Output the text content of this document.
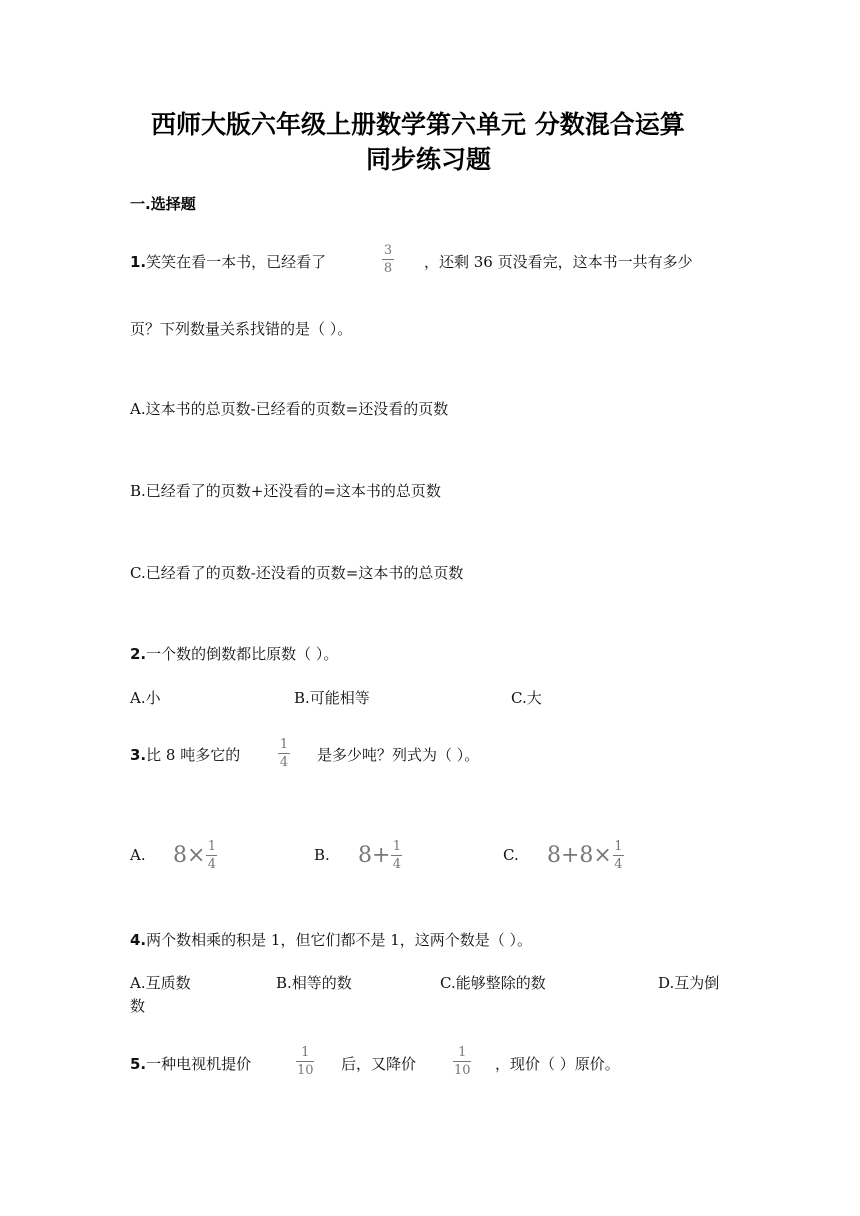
西师大版六年级上册数学第六单元 分数混合运算
同步练习题
一.选择题
1.笑笑在看一本书，已经看了
3
8 ，还剩 36 页没看完，这本书一共有多少
页？下列数量关系找错的是（ ）。
A.这本书的总页数-已经看的页数=还没看的页数
B.已经看了的页数+还没看的=这本书的总页数
C.已经看了的页数-还没看的页数=这本书的总页数
2.一个数的倒数都比原数（ ）。
A.小	B.可能相等	C.大
3.比 8 吨多它的
1
4 是多少吨？列式为（ ）。
A. $8\times \frac{1}{4}$	B. $8+ \frac{1}{4}$	C. $8+8\times \frac{1}{4}$
4.两个数相乘的积是 1，但它们都不是 1，这两个数是（ ）。
A.互质数	B.相等的数	C.能够整除的数	D.互为倒
数
5.一种电视机提价
1
10 后，又降价
1
10 ，现价（ ）原价。
